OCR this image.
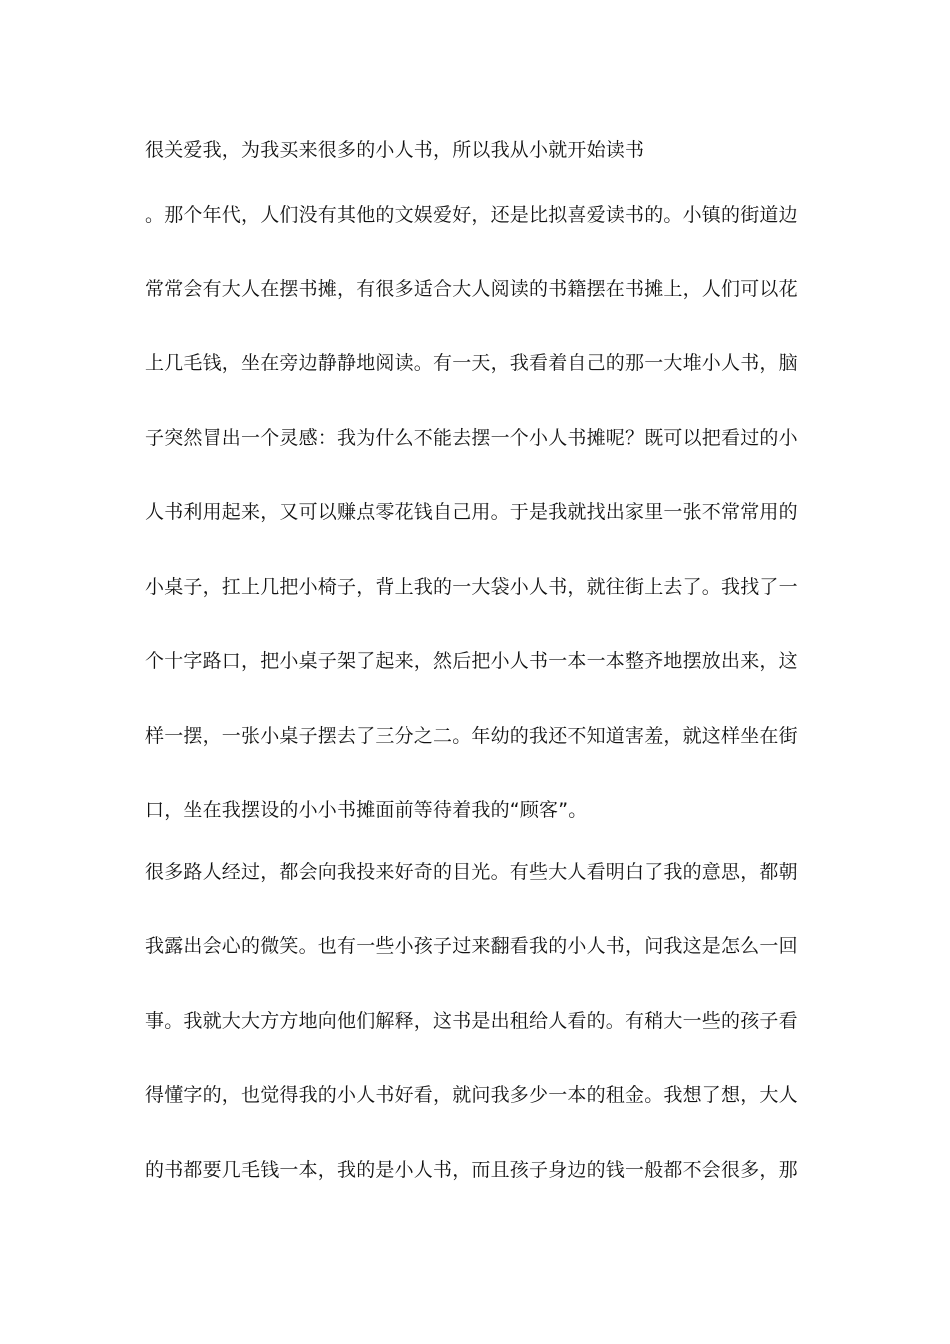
很关爱我，为我买来很多的小人书，所以我从小就开始读书
。那个年代，人们没有其他的文娱爱好，还是比拟喜爱读书的。小镇的街道边
常常会有大人在摆书摊，有很多适合大人阅读的书籍摆在书摊上，人们可以花
上几毛钱，坐在旁边静静地阅读。有一天，我看着自己的那一大堆小人书，脑
子突然冒出一个灵感：我为什么不能去摆一个小人书摊呢？既可以把看过的小
人书利用起来，又可以赚点零花钱自己用。于是我就找出家里一张不常常用的
小桌子，扛上几把小椅子，背上我的一大袋小人书，就往街上去了。我找了一
个十字路口，把小桌子架了起来，然后把小人书一本一本整齐地摆放出来，这
样一摆，一张小桌子摆去了三分之二。年幼的我还不知道害羞，就这样坐在街
口，坐在我摆设的小小书摊面前等待着我的“顾客”。
很多路人经过，都会向我投来好奇的目光。有些大人看明白了我的意思，都朝
我露出会心的微笑。也有一些小孩子过来翻看我的小人书，问我这是怎么一回
事。我就大大方方地向他们解释，这书是出租给人看的。有稍大一些的孩子看
得懂字的，也觉得我的小人书好看，就问我多少一本的租金。我想了想，大人
的书都要几毛钱一本，我的是小人书，而且孩子身边的钱一般都不会很多，那
